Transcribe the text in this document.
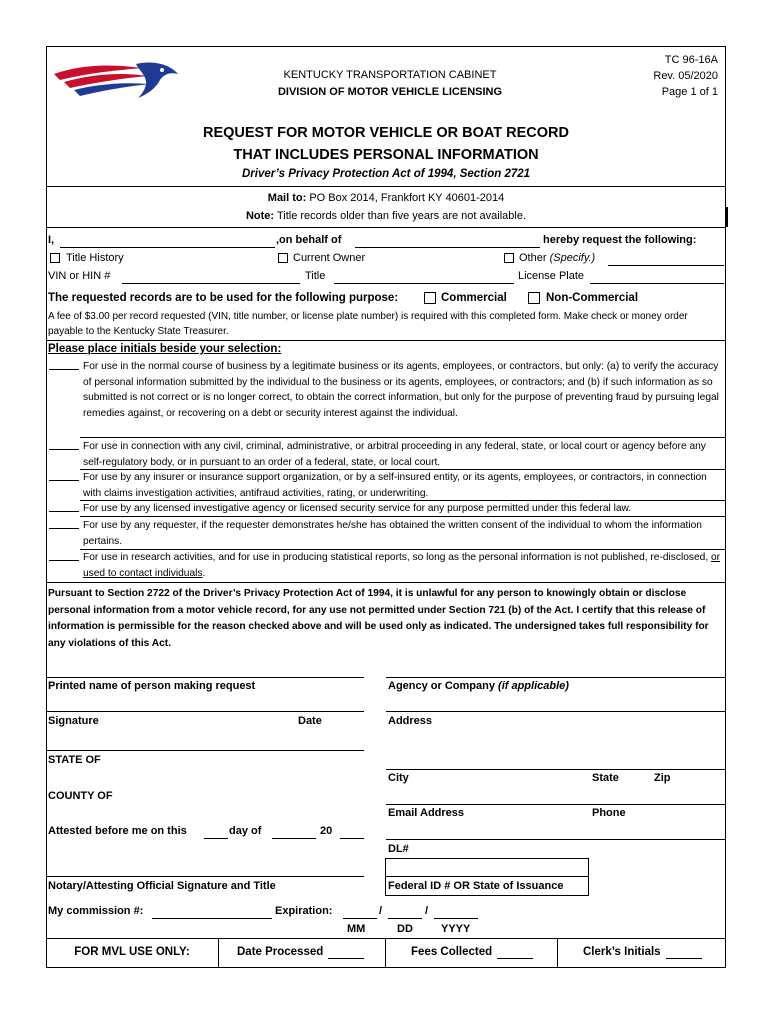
KENTUCKY TRANSPORTATION CABINET
DIVISION OF MOTOR VEHICLE LICENSING
TC 96-16A
Rev. 05/2020
Page 1 of 1
REQUEST FOR MOTOR VEHICLE OR BOAT RECORD
THAT INCLUDES PERSONAL INFORMATION
Driver’s Privacy Protection Act of 1994, Section 2721
Mail to: PO Box 2014, Frankfort KY 40601-2014
Note: Title records older than five years are not available.
I,	,on behalf of	hereby request the following:
Title History	Current Owner	Other (Specify.)
VIN or HIN #	Title	License Plate
The requested records are to be used for the following purpose:	Commercial	Non-Commercial
A fee of $3.00 per record requested (VIN, title number, or license plate number) is required with this completed form. Make check or money order payable to the Kentucky State Treasurer.
Please place initials beside your selection:
For use in the normal course of business by a legitimate business or its agents, employees, or contractors, but only: (a) to verify the accuracy of personal information submitted by the individual to the business or its agents, employees, or contractors; and (b) if such information as so submitted is not correct or is no longer correct, to obtain the correct information, but only for the purpose of preventing fraud by pursuing legal remedies against, or recovering on a debt or security interest against the individual.
For use in connection with any civil, criminal, administrative, or arbitral proceeding in any federal, state, or local court or agency before any self-regulatory body, or in pursuant to an order of a federal, state, or local court.
For use by any insurer or insurance support organization, or by a self-insured entity, or its agents, employees, or contractors, in connection with claims investigation activities, antifraud activities, rating, or underwriting.
For use by any licensed investigative agency or licensed security service for any purpose permitted under this federal law.
For use by any requester, if the requester demonstrates he/she has obtained the written consent of the individual to whom the information pertains.
For use in research activities, and for use in producing statistical reports, so long as the personal information is not published, re-disclosed, or used to contact individuals.
Pursuant to Section 2722 of the Driver’s Privacy Protection Act of 1994, it is unlawful for any person to knowingly obtain or disclose personal information from a motor vehicle record, for any use not permitted under Section 721 (b) of the Act. I certify that this release of information is permissible for the reason checked above and will be used only as indicated. The undersigned takes full responsibility for any violations of this Act.
Printed name of person making request	Agency or Company (if applicable)
Signature	Date	Address
STATE OF
City	State	Zip
COUNTY OF
Email Address	Phone
Attested before me on this	day of	20
DL#
Notary/Attesting Official Signature and Title	Federal ID # OR State of Issuance
My commission #:	Expiration:	/	/
MM	DD	YYYY
FOR MVL USE ONLY:	Date Processed	Fees Collected	Clerk’s Initials
